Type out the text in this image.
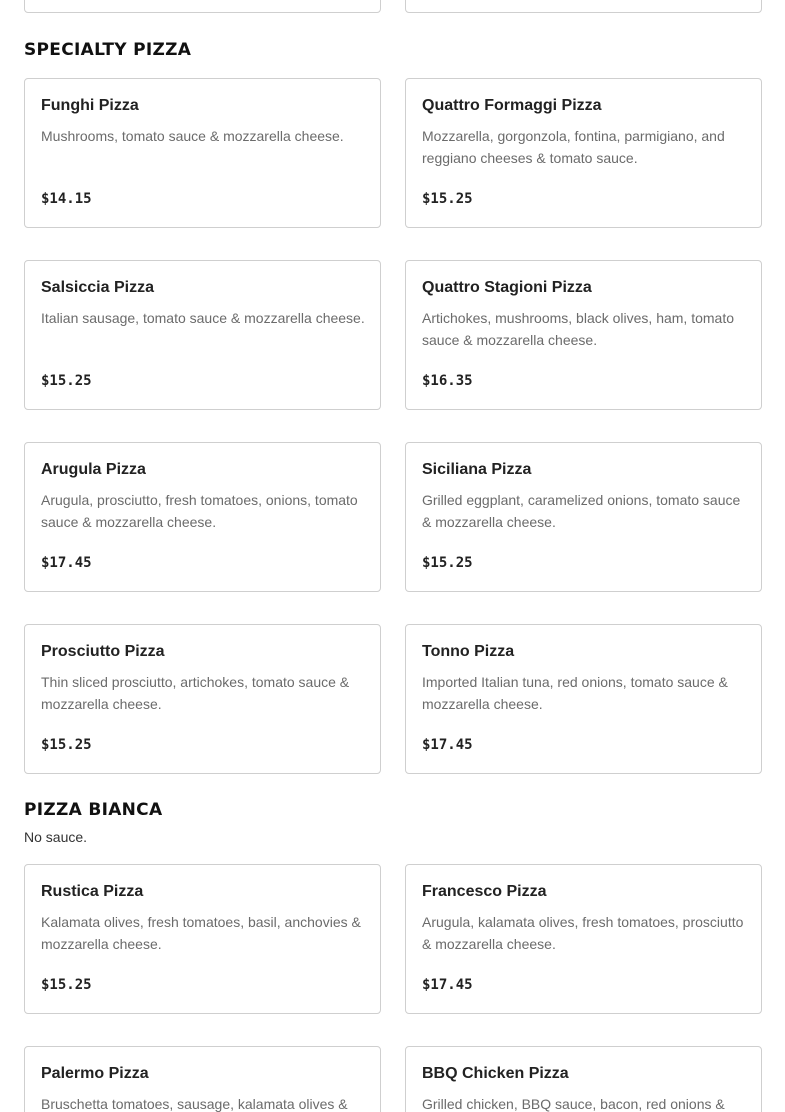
SPECIALTY PIZZA
Funghi Pizza
Mushrooms, tomato sauce & mozzarella cheese.
$14.15
Quattro Formaggi Pizza
Mozzarella, gorgonzola, fontina, parmigiano, and reggiano cheeses & tomato sauce.
$15.25
Salsiccia Pizza
Italian sausage, tomato sauce & mozzarella cheese.
$15.25
Quattro Stagioni Pizza
Artichokes, mushrooms, black olives, ham, tomato sauce & mozzarella cheese.
$16.35
Arugula Pizza
Arugula, prosciutto, fresh tomatoes, onions, tomato sauce & mozzarella cheese.
$17.45
Siciliana Pizza
Grilled eggplant, caramelized onions, tomato sauce & mozzarella cheese.
$15.25
Prosciutto Pizza
Thin sliced prosciutto, artichokes, tomato sauce & mozzarella cheese.
$15.25
Tonno Pizza
Imported Italian tuna, red onions, tomato sauce & mozzarella cheese.
$17.45
PIZZA BIANCA
No sauce.
Rustica Pizza
Kalamata olives, fresh tomatoes, basil, anchovies & mozzarella cheese.
$15.25
Francesco Pizza
Arugula, kalamata olives, fresh tomatoes, prosciutto & mozzarella cheese.
$17.45
Palermo Pizza
Bruschetta tomatoes, sausage, kalamata olives &
BBQ Chicken Pizza
Grilled chicken, BBQ sauce, bacon, red onions &
